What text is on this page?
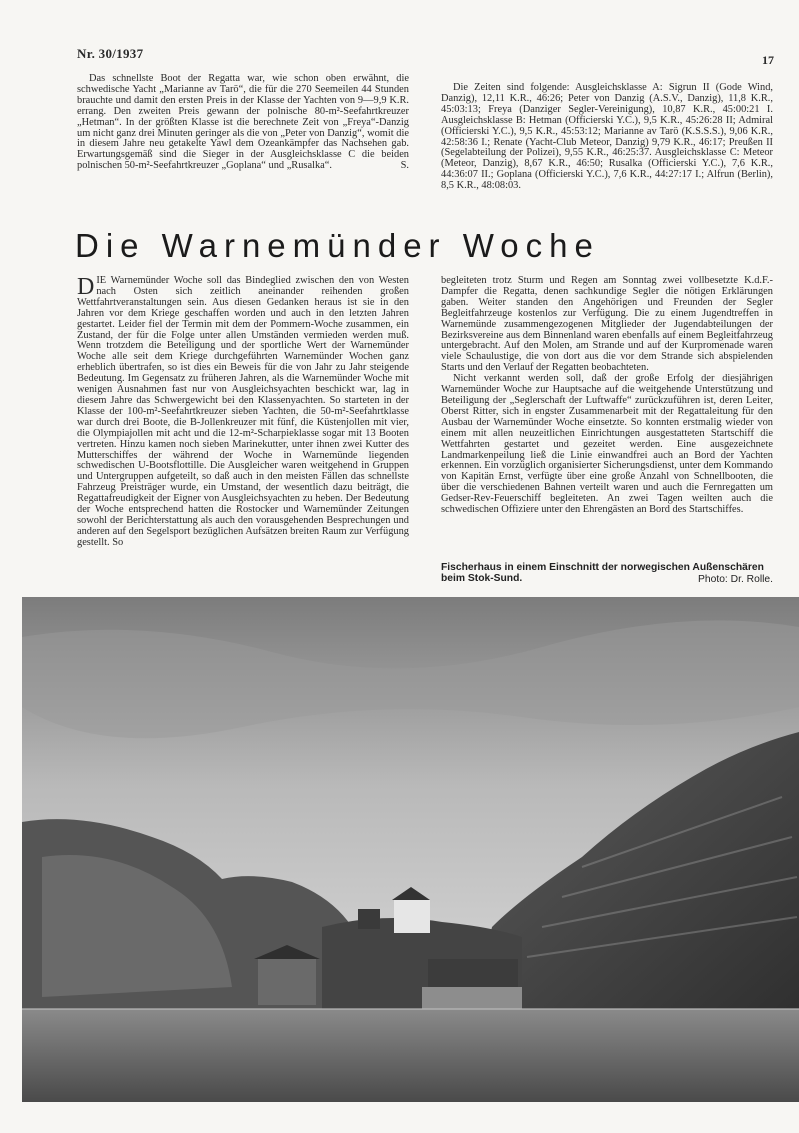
Nr. 30/1937	17

Das schnellste Boot der Regatta war, wie schon oben erwähnt, die schwedische Yacht „Marianne av Tarö“, die für die 270 Seemeilen 44 Stunden brauchte und damit den ersten Preis in der Klasse der Yachten von 9—9,9 K.R. errang. Den zweiten Preis gewann der polnische 80-m²-Seefahrtkreuzer „Hetman“. In der größten Klasse ist die berechnete Zeit von „Freya“-Danzig um nicht ganz drei Minuten geringer als die von „Peter von Danzig“, womit die in diesem Jahre neu getakelte Yawl dem Ozeankämpfer das Nachsehen gab. Erwartungsgemäß sind die Sieger in der Ausgleichsklasse C die beiden polnischen 50-m²-Seefahrtkreuzer „Goplana“ und „Rusalka“.	S.

Die Zeiten sind folgende: Ausgleichsklasse A: Sigrun II (Gode Wind, Danzig), 12,11 K.R., 46:26; Peter von Danzig (A.S.V., Danzig), 11,8 K.R., 45:03:13; Freya (Danziger Segler-Vereinigung), 10,87 K.R., 45:00:21 I. Ausgleichsklasse B: Hetman (Officierski Y.C.), 9,5 K.R., 45:26:28 II; Admiral (Officierski Y.C.), 9,5 K.R., 45:53:12; Marianne av Tarö (K.S.S.S.), 9,06 K.R., 42:58:36 I.; Renate (Yacht-Club Meteor, Danzig) 9,79 K.R., 46:17; Preußen II (Segelabteilung der Polizei), 9,55 K.R., 46:25:37. Ausgleichsklasse C: Meteor (Meteor, Danzig), 8,67 K.R., 46:50; Rusalka (Officierski Y.C.), 7,6 K.R., 44:36:07 II.; Goplana (Officierski Y.C.), 7,6 K.R., 44:27:17 I.; Alfrun (Berlin), 8,5 K.R., 48:08:03.

Die Warnemünder Woche

DIE Warnemünder Woche soll das Bindeglied zwischen den von Westen nach Osten sich zeitlich aneinander reihenden großen Wettfahrtveranstaltungen sein. Aus diesen Gedanken heraus ist sie in den Jahren vor dem Kriege geschaffen worden und auch in den letzten Jahren gestartet. Leider fiel der Termin mit dem der Pommern-Woche zusammen, ein Zustand, der für die Folge unter allen Umständen vermieden werden muß. Wenn trotzdem die Beteiligung und der sportliche Wert der Warnemünder Woche alle seit dem Kriege durchgeführten Warnemünder Wochen ganz erheblich übertrafen, so ist dies ein Beweis für die von Jahr zu Jahr steigende Bedeutung. Im Gegensatz zu früheren Jahren, als die Warnemünder Woche mit wenigen Ausnahmen fast nur von Ausgleichsyachten beschickt war, lag in diesem Jahre das Schwergewicht bei den Klassenyachten. So starteten in der Klasse der 100-m²-Seefahrtkreuzer sieben Yachten, die 50-m²-Seefahrtklasse war durch drei Boote, die B-Jollenkreuzer mit fünf, die Küstenjollen mit vier, die Olympiajollen mit acht und die 12-m²-Scharpieklasse sogar mit 13 Booten vertreten. Hinzu kamen noch sieben Marinekutter, unter ihnen zwei Kutter des Mutterschiffes der während der Woche in Warnemünde liegenden schwedischen U-Bootsflottille. Die Ausgleicher waren weitgehend in Gruppen und Untergruppen aufgeteilt, so daß auch in den meisten Fällen das schnellste Fahrzeug Preisträger wurde, ein Umstand, der wesentlich dazu beiträgt, die Regattafreudigkeit der Eigner von Ausgleichsyachten zu heben. Der Bedeutung der Woche entsprechend hatten die Rostocker und Warnemünder Zeitungen sowohl der Berichterstattung als auch den vorausgehenden Besprechungen und anderen auf den Segelsport bezüglichen Aufsätzen breiten Raum zur Verfügung gestellt. So

begleiteten trotz Sturm und Regen am Sonntag zwei vollbesetzte K.d.F.-Dampfer die Regatta, denen sachkundige Segler die nötigen Erklärungen gaben. Weiter standen den Angehörigen und Freunden der Segler Begleitfahrzeuge kostenlos zur Verfügung. Die zu einem Jugendtreffen in Warnemünde zusammengezogenen Mitglieder der Jugendabteilungen der Bezirksvereine aus dem Binnenland waren ebenfalls auf einem Begleitfahrzeug untergebracht. Auf den Molen, am Strande und auf der Kurpromenade waren viele Schaulustige, die von dort aus die vor dem Strande sich abspielenden Starts und den Verlauf der Regatten beobachteten.

Nicht verkannt werden soll, daß der große Erfolg der diesjährigen Warnemünder Woche zur Hauptsache auf die weitgehende Unterstützung und Beteiligung der „Seglerschaft der Luftwaffe“ zurückzuführen ist, deren Leiter, Oberst Ritter, sich in engster Zusammenarbeit mit der Regattaleitung für den Ausbau der Warnemünder Woche einsetzte. So konnten erstmalig wieder von einem mit allen neuzeitlichen Einrichtungen ausgestatteten Startschiff die Wettfahrten gestartet und gezeitet werden. Eine ausgezeichnete Landmarkenpeilung ließ die Linie einwandfrei auch an Bord der Yachten erkennen. Ein vorzüglich organisierter Sicherungsdienst, unter dem Kommando von Kapitän Ernst, verfügte über eine große Anzahl von Schnellbooten, die über die verschiedenen Bahnen verteilt waren und auch die Fernregatten um Gedser-Rev-Feuerschiff begleiteten. An zwei Tagen weilten auch die schwedischen Offiziere unter den Ehrengästen an Bord des Startschiffes.

Fischerhaus in einem Einschnitt der norwegischen Außenschären beim Stok-Sund.	Photo: Dr. Rolle.
